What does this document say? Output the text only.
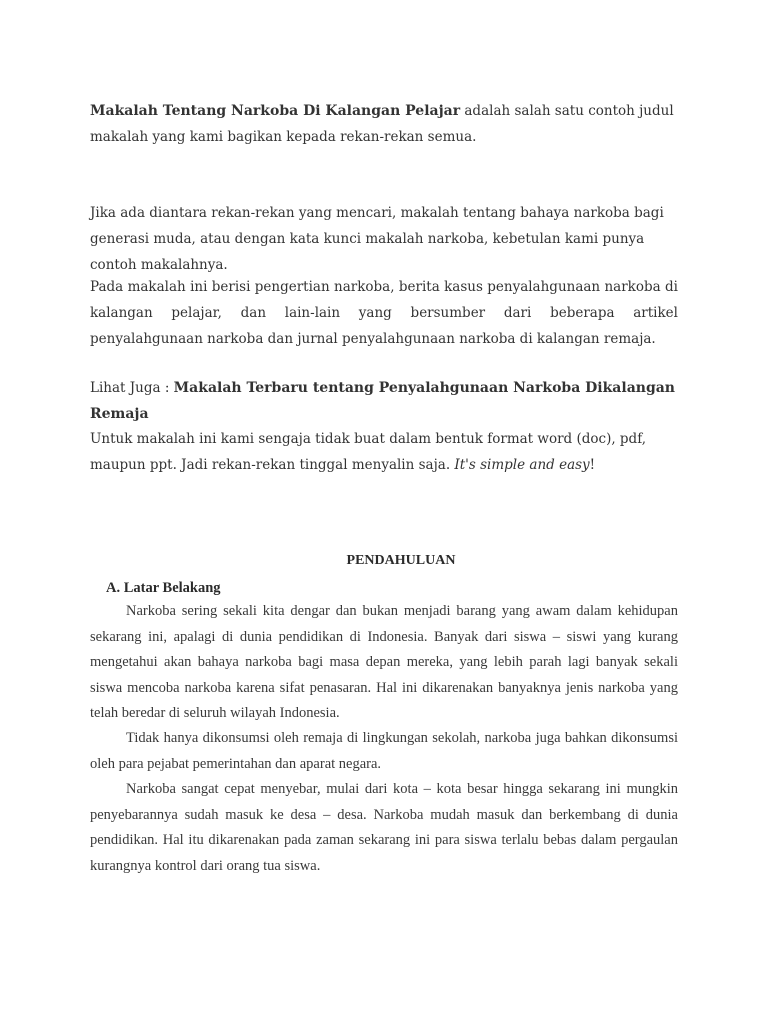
Makalah Tentang Narkoba Di Kalangan Pelajar adalah salah satu contoh judul makalah yang kami bagikan kepada rekan-rekan semua.

Jika ada diantara rekan-rekan yang mencari, makalah tentang bahaya narkoba bagi generasi muda, atau dengan kata kunci makalah narkoba, kebetulan kami punya contoh makalahnya.

Pada makalah ini berisi pengertian narkoba, berita kasus penyalahgunaan narkoba di kalangan pelajar, dan lain-lain yang bersumber dari beberapa artikel penyalahgunaan narkoba dan jurnal penyalahgunaan narkoba di kalangan remaja.

Lihat Juga : Makalah Terbaru tentang Penyalahgunaan Narkoba Dikalangan Remaja

Untuk makalah ini kami sengaja tidak buat dalam bentuk format word (doc), pdf, maupun ppt. Jadi rekan-rekan tinggal menyalin saja. It's simple and easy!

PENDAHULUAN
A. Latar Belakang

Narkoba sering sekali kita dengar dan bukan menjadi barang yang awam dalam kehidupan sekarang ini, apalagi di dunia pendidikan di Indonesia. Banyak dari siswa – siswi yang kurang mengetahui akan bahaya narkoba bagi masa depan mereka, yang lebih parah lagi banyak sekali siswa mencoba narkoba karena sifat penasaran. Hal ini dikarenakan banyaknya jenis narkoba yang telah beredar di seluruh wilayah Indonesia.

Tidak hanya dikonsumsi oleh remaja di lingkungan sekolah, narkoba juga bahkan dikonsumsi oleh para pejabat pemerintahan dan aparat negara.

Narkoba sangat cepat menyebar, mulai dari kota – kota besar hingga sekarang ini mungkin penyebarannya sudah masuk ke desa – desa. Narkoba mudah masuk dan berkembang di dunia pendidikan. Hal itu dikarenakan pada zaman sekarang ini para siswa terlalu bebas dalam pergaulan kurangnya kontrol dari orang tua siswa.
